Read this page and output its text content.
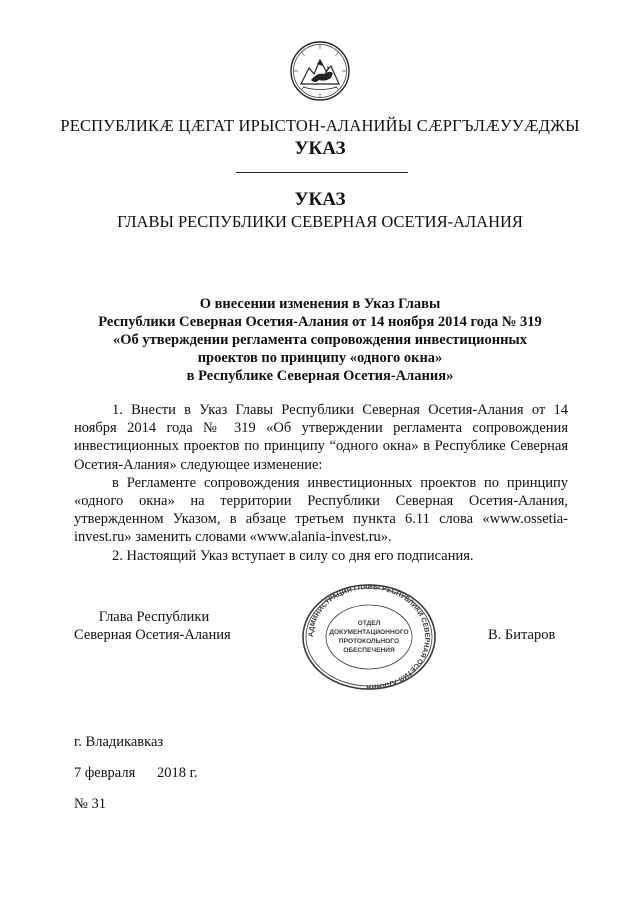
РЕСПУБЛИКӔ ЦӔГАТ ИРЫСТОН-АЛАНИЙЫ СӔРГЪЛӔУУӔДЖЫ
УКАЗ
УКАЗ
ГЛАВЫ РЕСПУБЛИКИ СЕВЕРНАЯ ОСЕТИЯ-АЛАНИЯ
О внесении изменения в Указ Главы
Республики Северная Осетия-Алания от 14 ноября 2014 года № 319
«Об утверждении регламента сопровождения инвестиционных
проектов по принципу «одного окна»
в Республике Северная Осетия-Алания»

1. Внести в Указ Главы Республики Северная Осетия-Алания от 14 ноября 2014 года № 319 «Об утверждении регламента сопровождения инвестиционных проектов по принципу “одного окна» в Республике Северная Осетия-Алания» следующее изменение:

в Регламенте сопровождения инвестиционных проектов по принципу «одного окна» на территории Республики Северная Осетия-Алания, утвержденном Указом, в абзаце третьем пункта 6.11 слова «www.ossetia-invest.ru» заменить словами «www.alania-invest.ru».

2. Настоящий Указ вступает в силу со дня его подписания.

Глава Республики
Северная Осетия-Алания	В. Битаров
АДМИНИСТРАЦИЯ ГЛАВЫ РЕСПУБЛИКИ СЕВЕРНАЯ ОСЕТИЯ-АЛАНИЯ
ОТДЕЛ
ДОКУМЕНТАЦИОННОГО
ПРОТОКОЛЬНОГО
ОБЕСПЕЧЕНИЯ
г. Владикавказ
7 февраля 2018 г.
№ 31
